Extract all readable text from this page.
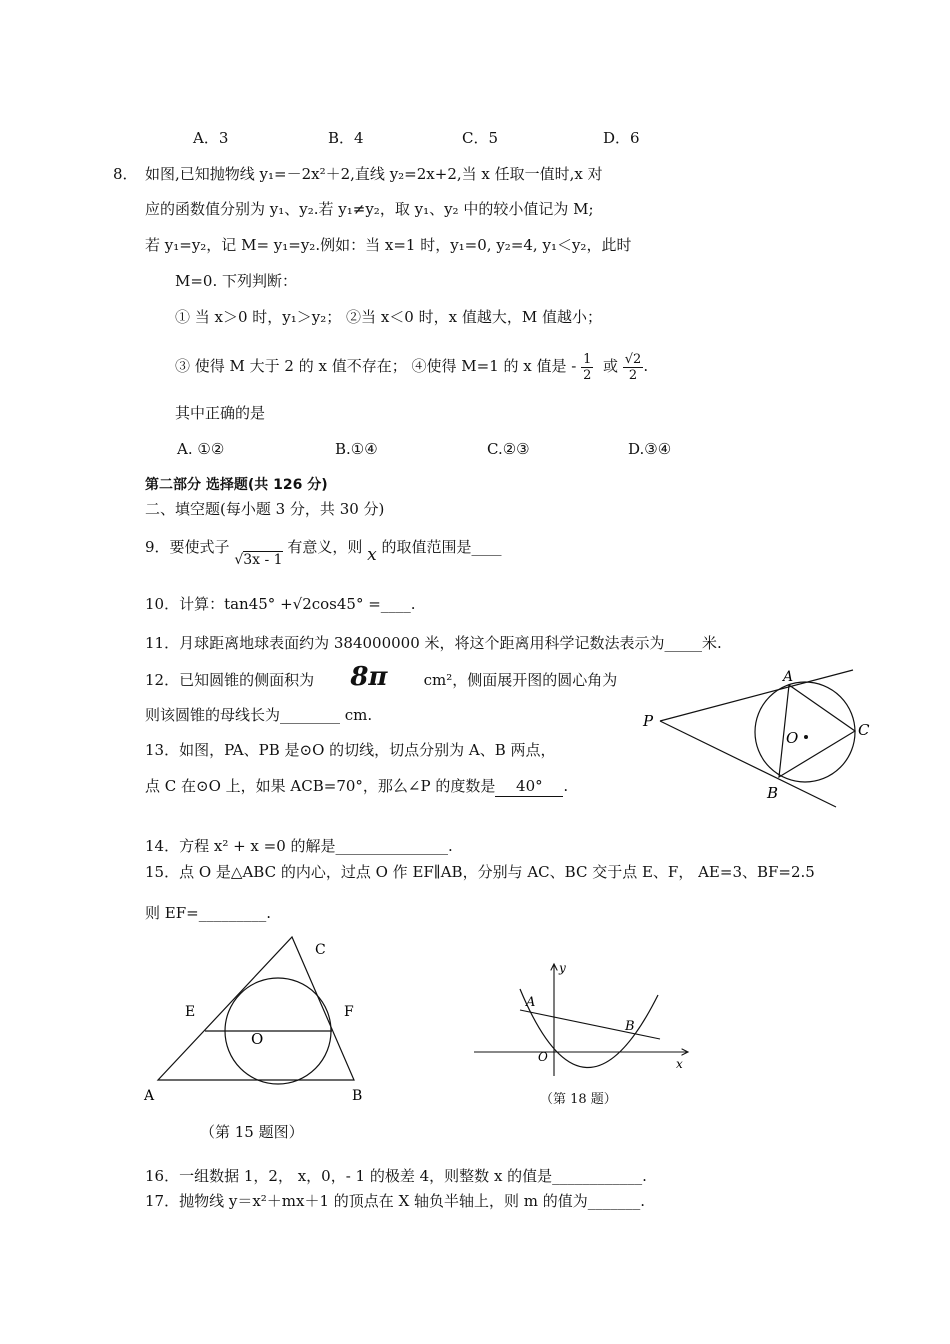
A．3	B．4	C．5	D．6
8． 如图,已知抛物线 y₁=－2x²＋2,直线 y₂=2x+2,当 x 任取一值时,x 对
应的函数值分别为 y₁、y₂.若 y₁≠y₂，取 y₁、y₂ 中的较小值记为 M;
若 y₁=y₂，记 M= y₁=y₂.例如：当 x=1 时，y₁=0, y₂=4, y₁＜y₂，此时
M=0. 下列判断：
① 当 x＞0 时，y₁＞y₂； ②当 x＜0 时，x 值越大，M 值越小；
③ 使得 M 大于 2 的 x 值不存在； ④使得 M=1 的 x 值是 - $\frac{1}{2}$ 或 $\frac{√2}{2}$ .
其中正确的是
A. ①②	B.①④	C.②③	D.③④
第二部分 选择题(共 126 分)
二、填空题(每小题 3 分，共 30 分)
9．要使式子 √3x - 1 有意义，则 x 的取值范围是____
10．计算：tan45° +√2cos45° =____.
11．月球距离地球表面约为 384000000 米，将这个距离用科学记数法表示为_____米.
12．已知圆锥的侧面积为 8π cm²，侧面展开图的圆心角为
则该圆锥的母线长为________ cm.
13．如图，PA、PB 是⊙O 的切线，切点分别为 A、B 两点，
点 C 在⊙O 上，如果 ACB=70°，那么∠P 的度数是 40° .
P
A
C
B
O
14．方程 x² + x =0 的解是_______________.
15．点 O 是△ABC 的内心，过点 O 作 EF∥AB，分别与 AC、BC 交于点 E、F， AE=3、BF=2.5
则 EF=_________.
C
E	F
O
A	B
（第 15 题图）
y
x
O
A
B
（第 18 题）
16．一组数据 1，2， x，0，- 1 的极差 4，则整数 x 的值是____________.
17．抛物线 y＝x²＋mx＋1 的顶点在 X 轴负半轴上，则 m 的值为_______.
